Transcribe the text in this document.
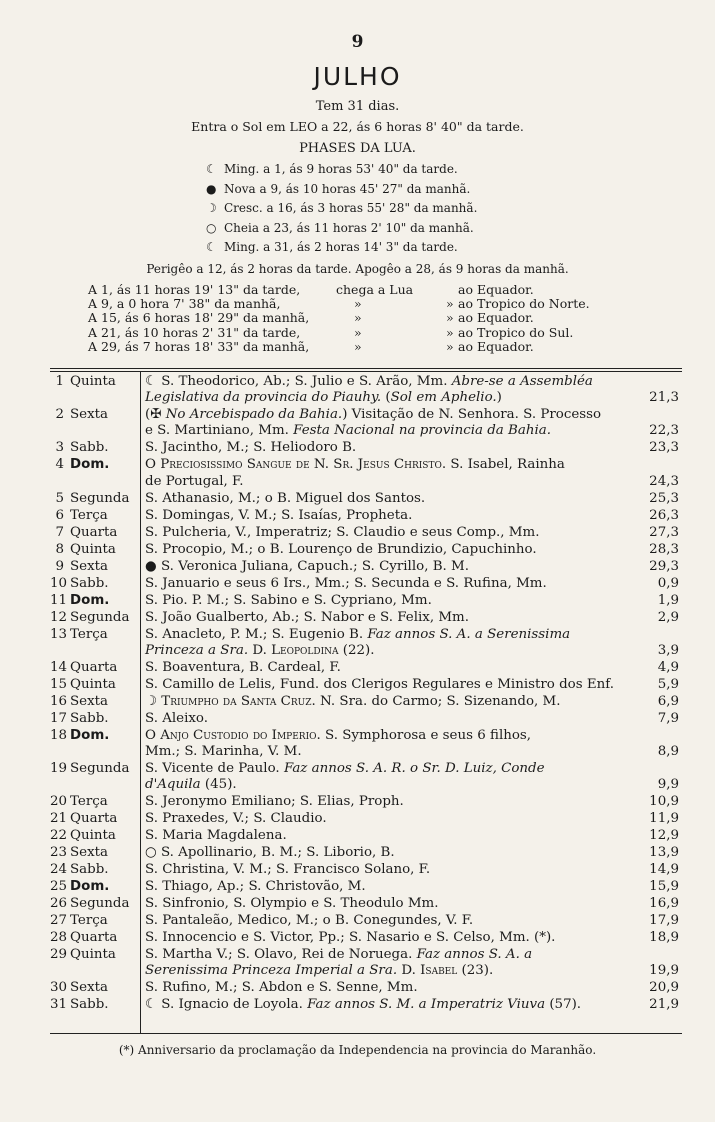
9
JULHO
Tem 31 dias.
Entra o Sol em LEO a 22, ás 6 horas 8' 40" da tarde.
PHASES DA LUA.
☾ Ming. a 1, ás 9 horas 53' 40" da tarde.
● Nova a 9, ás 10 horas 45' 27" da manhã.
☽ Cresc. a 16, ás 3 horas 55' 28" da manhã.
○ Cheia a 23, ás 11 horas 2' 10" da manhã.
☾ Ming. a 31, ás 2 horas 14' 3" da tarde.
Perigêo a 12, ás 2 horas da tarde. Apogêo a 28, ás 9 horas da manhã.
A 1, ás 11 horas 19' 13" da tarde,	chega a Lua	ao Equador.
A 9, a 0 hora 7' 38" da manhã,	»	» ao Tropico do Norte.
A 15, ás 6 horas 18' 29" da manhã,	»	» ao Equador.
A 21, ás 10 horas 2' 31" da tarde,	»	» ao Tropico do Sul.
A 29, ás 7 horas 18' 33" da manhã,	»	» ao Equador.
1 Quinta ☾ S. Theodorico, Ab.; S. Julio e S. Arão, Mm. Abre-se a Assembléa
Legislativa da provincia do Piauhy. (Sol em Aphelio.)	21,3
2 Sexta	(✠ No Arcebispado da Bahia.) Visitação de N. Senhora. S. Processo
e S. Martiniano, Mm. Festa Nacional na provincia da Bahia.	22,3
3 Sabb.	S. Jacintho, M.; S. Heliodoro B.	23,3
4 Dom.	O Preciosissimo Sangue de N. Sr. Jesus Christo. S. Isabel, Rainha
de Portugal, F.	24,3
5 Segunda S. Athanasio, M.; o B. Miguel dos Santos.	25,3
6 Terça	S. Domingas, V. M.; S. Isaías, Propheta.	26,3
7 Quarta S. Pulcheria, V., Imperatriz; S. Claudio e seus Comp., Mm.	27,3
8 Quinta S. Procopio, M.; o B. Lourenço de Brundizio, Capuchinho.	28,3
9 Sexta	● S. Veronica Juliana, Capuch.; S. Cyrillo, B. M.	29,3
10 Sabb.	S. Januario e seus 6 Irs., Mm.; S. Secunda e S. Rufina, Mm.	0,9
11 Dom.	S. Pio. P. M.; S. Sabino e S. Cypriano, Mm.	1,9
12 Segunda S. João Gualberto, Ab.; S. Nabor e S. Felix, Mm.	2,9
13 Terça	S. Anacleto, P. M.; S. Eugenio B. Faz annos S. A. a Serenissima
Princeza a Sra. D. Leopoldina (22).	3,9
14 Quarta S. Boaventura, B. Cardeal, F.	4,9
15 Quinta S. Camillo de Lelis, Fund. dos Clerigos Regulares e Ministro dos Enf.	5,9
16 Sexta	☽ Triumpho da Santa Cruz. N. Sra. do Carmo; S. Sizenando, M.	6,9
17 Sabb.	S. Aleixo.	7,9
18 Dom.	O Anjo Custodio do Imperio. S. Symphorosa e seus 6 filhos,
Mm.; S. Marinha, V. M.	8,9
19 Segunda S. Vicente de Paulo. Faz annos S. A. R. o Sr. D. Luiz, Conde
d'Aquila (45).	9,9
20 Terça	S. Jeronymo Emiliano; S. Elias, Proph.	10,9
21 Quarta S. Praxedes, V.; S. Claudio.	11,9
22 Quinta S. Maria Magdalena.	12,9
23 Sexta	○ S. Apollinario, B. M.; S. Liborio, B.	13,9
24 Sabb.	S. Christina, V. M.; S. Francisco Solano, F.	14,9
25 Dom.	S. Thiago, Ap.; S. Christovão, M.	15,9
26 Segunda S. Sinfronio, S. Olympio e S. Theodulo Mm.	16,9
27 Terça	S. Pantaleão, Medico, M.; o B. Conegundes, V. F.	17,9
28 Quarta S. Innocencio e S. Victor, Pp.; S. Nasario e S. Celso, Mm. (*).	18,9
29 Quinta S. Martha V.; S. Olavo, Rei de Noruega. Faz annos S. A. a
Serenissima Princeza Imperial a Sra. D. Isabel (23).	19,9
30 Sexta	S. Rufino, M.; S. Abdon e S. Senne, Mm.	20,9
31 Sabb.	☾ S. Ignacio de Loyola. Faz annos S. M. a Imperatriz Viuva (57).	21,9
(*) Anniversario da proclamação da Independencia na provincia do Maranhão.
